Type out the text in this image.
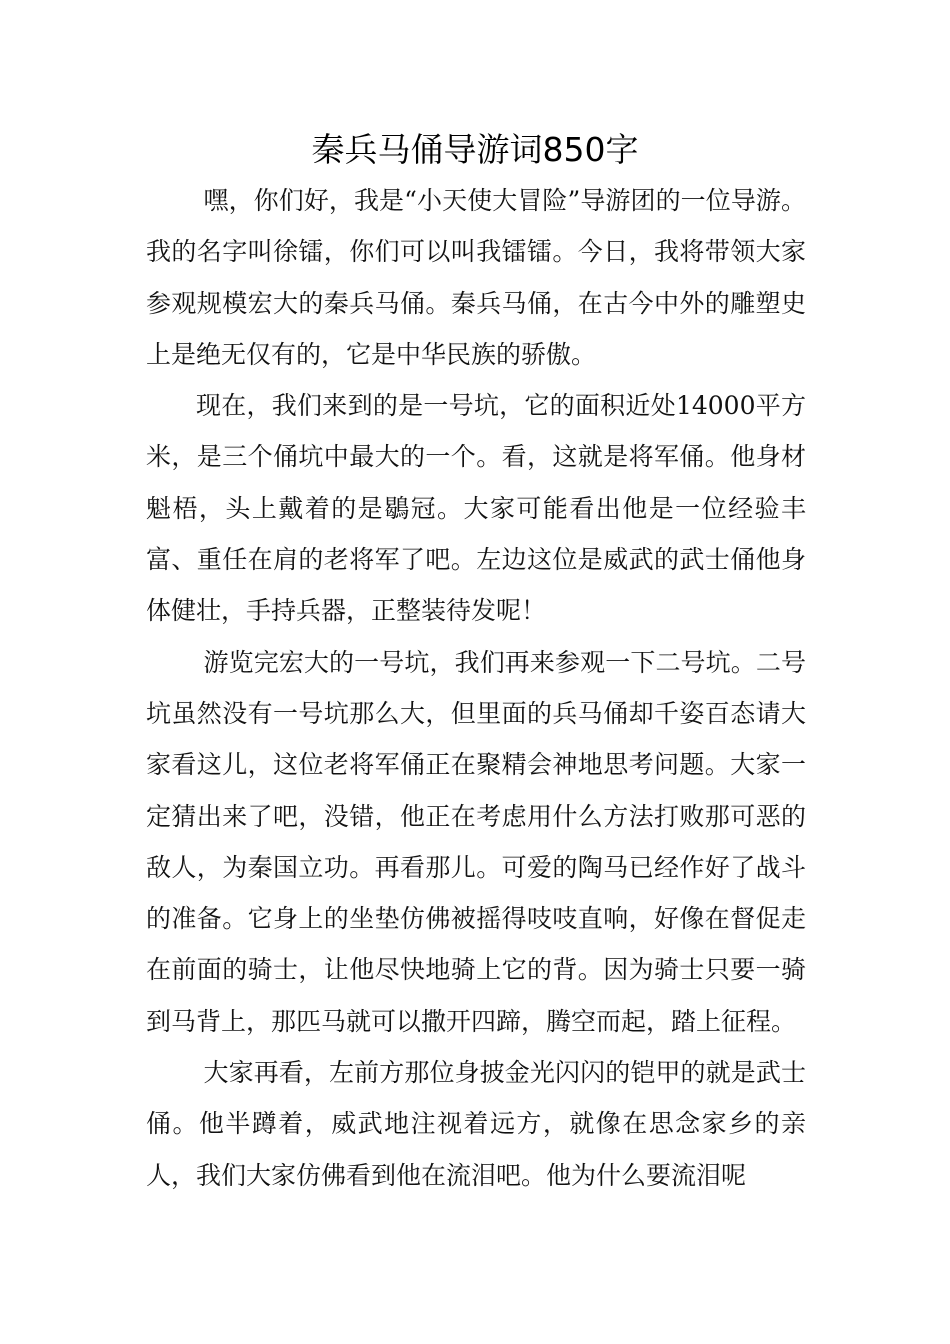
秦兵马俑导游词850字

嘿，你们好，我是“小天使大冒险”导游团的一位导游。我的名字叫徐镭，你们可以叫我镭镭。今日，我将带领大家参观规模宏大的秦兵马俑。秦兵马俑，在古今中外的雕塑史上是绝无仅有的，它是中华民族的骄傲。

现在，我们来到的是一号坑，它的面积近处14000平方米，是三个俑坑中最大的一个。看，这就是将军俑。他身材魁梧，头上戴着的是鶡冠。大家可能看出他是一位经验丰富、重任在肩的老将军了吧。左边这位是威武的武士俑他身体健壮，手持兵器，正整装待发呢！

游览完宏大的一号坑，我们再来参观一下二号坑。二号坑虽然没有一号坑那么大，但里面的兵马俑却千姿百态请大家看这儿，这位老将军俑正在聚精会神地思考问题。大家一定猜出来了吧，没错，他正在考虑用什么方法打败那可恶的敌人，为秦国立功。再看那儿。可爱的陶马已经作好了战斗的准备。它身上的坐垫仿佛被摇得吱吱直响，好像在督促走在前面的骑士，让他尽快地骑上它的背。因为骑士只要一骑到马背上，那匹马就可以撒开四蹄，腾空而起，踏上征程。

大家再看，左前方那位身披金光闪闪的铠甲的就是武士俑。他半蹲着，威武地注视着远方，就像在思念家乡的亲人，我们大家仿佛看到他在流泪吧。他为什么要流泪呢
